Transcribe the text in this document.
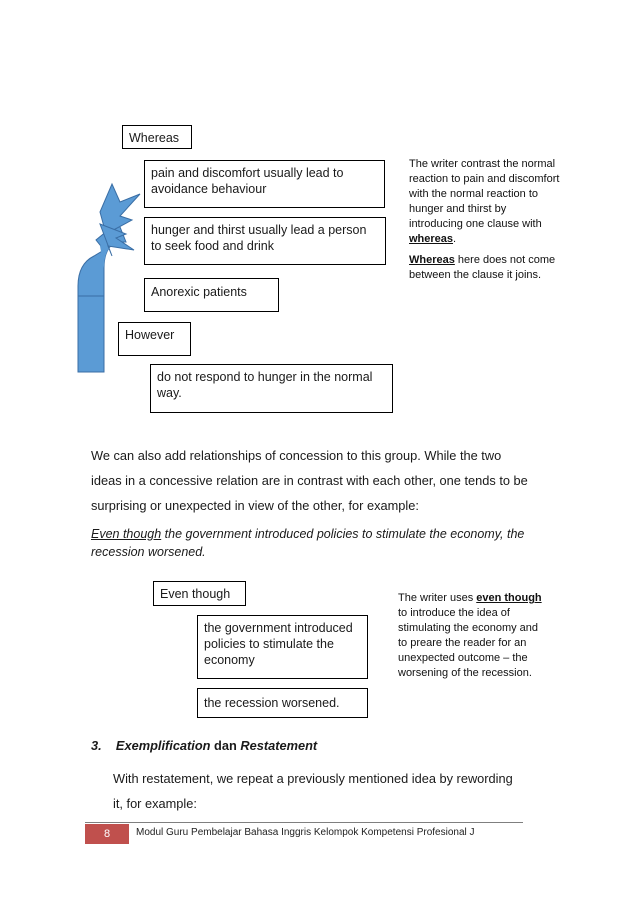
Whereas
pain and discomfort usually lead to avoidance behaviour
hunger and thirst usually lead a person to seek food and drink
Anorexic patients
However
do not respond to hunger in the normal way.
The writer contrast the normal reaction to pain and discomfort with the normal reaction to hunger and thirst by introducing one clause with whereas.
Whereas here does not come between the clause it joins.
We can also add relationships of concession to this group. While the two ideas in a concessive relation are in contrast with each other, one tends to be surprising or unexpected in view of the other, for example:
Even though the government introduced policies to stimulate the economy, the recession worsened.
Even though
the government introduced policies to stimulate the economy
the recession worsened.
The writer uses even though to introduce the idea of stimulating the economy and to preare the reader for an unexpected outcome – the worsening of the recession.
3. Exemplification dan Restatement
With restatement, we repeat a previously mentioned idea by rewording it, for example:
8	Modul Guru Pembelajar Bahasa Inggris Kelompok Kompetensi Profesional J
